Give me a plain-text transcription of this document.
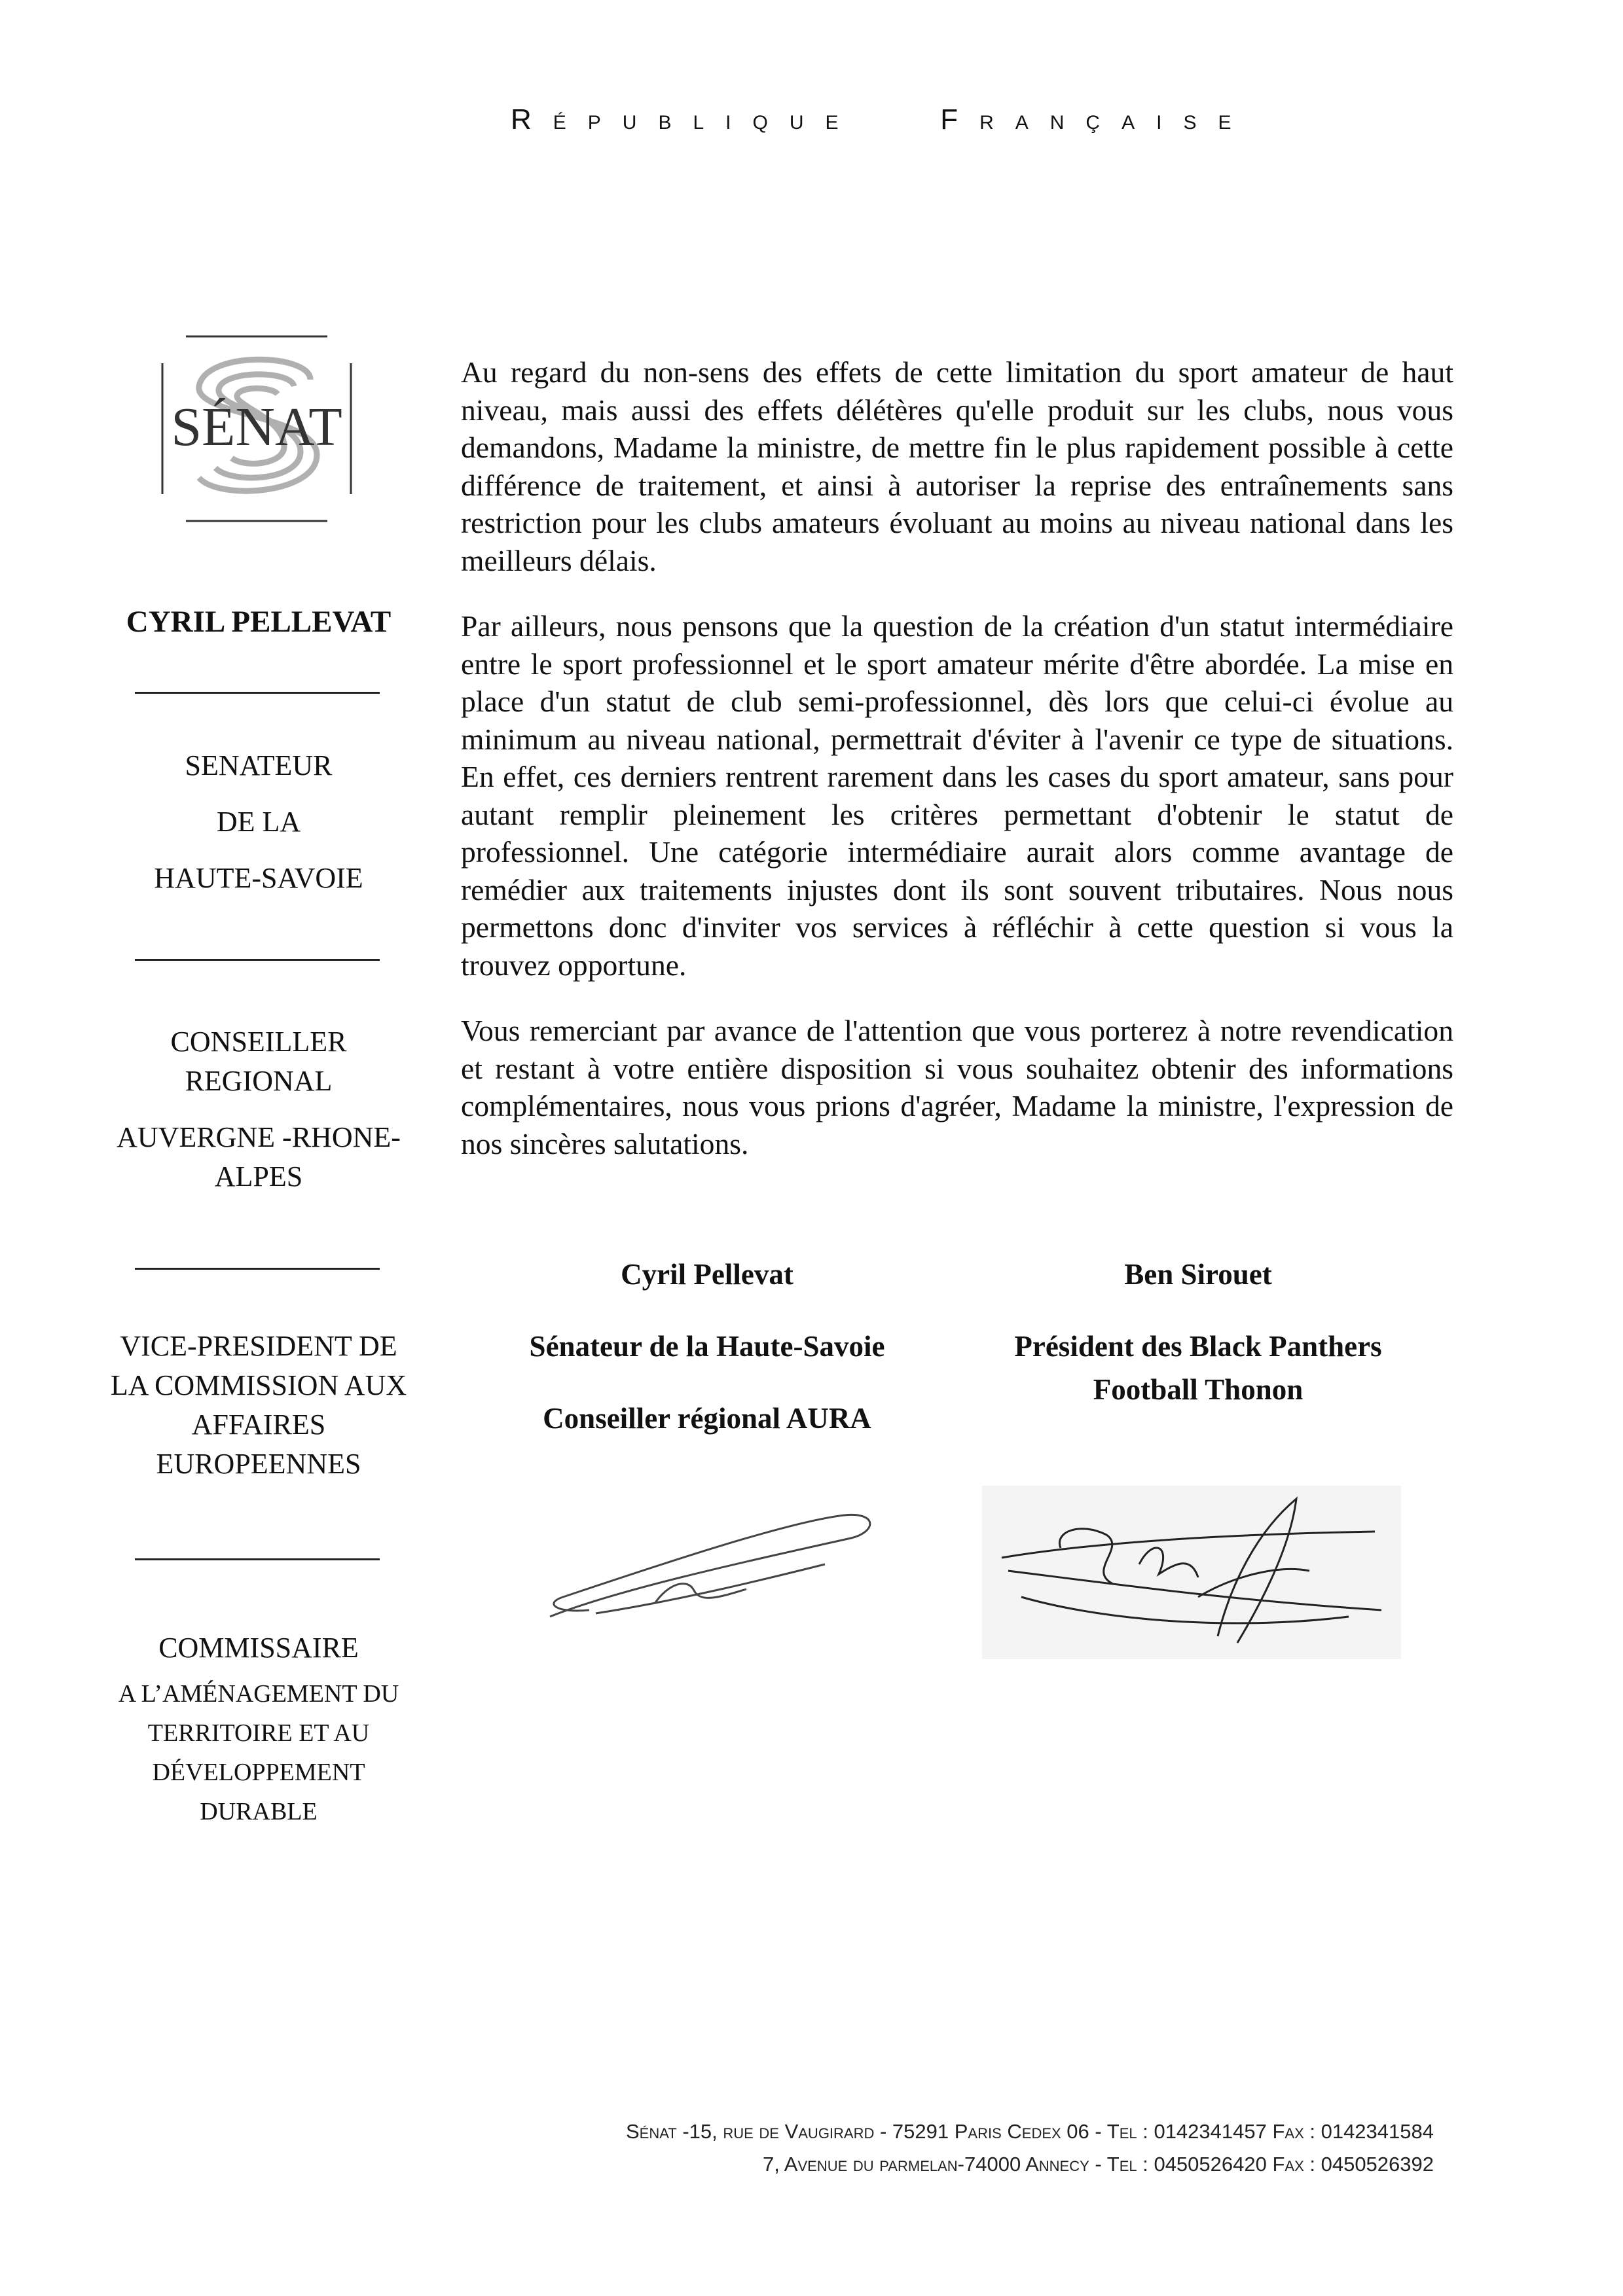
RÉPUBLIQUE	FRANÇAISE
SÉNAT
CYRIL PELLEVAT
SENATEUR
DE LA
HAUTE-SAVOIE
CONSEILLER
REGIONAL
AUVERGNE -RHONE-
ALPES
VICE-PRESIDENT DE
LA COMMISSION AUX
AFFAIRES
EUROPEENNES
COMMISSAIRE
A L’AMÉNAGEMENT DU
TERRITOIRE ET AU
DÉVELOPPEMENT DURABLE
Au regard du non-sens des effets de cette limitation du sport amateur de haut niveau, mais aussi des effets délétères qu'elle produit sur les clubs, nous vous demandons, Madame la ministre, de mettre fin le plus rapidement possible à cette différence de traitement, et ainsi à autoriser la reprise des entraînements sans restriction pour les clubs amateurs évoluant au moins au niveau national dans les meilleurs délais.
Par ailleurs, nous pensons que la question de la création d'un statut intermédiaire entre le sport professionnel et le sport amateur mérite d'être abordée. La mise en place d'un statut de club semi-professionnel, dès lors que celui-ci évolue au minimum au niveau national, permettrait d'éviter à l'avenir ce type de situations. En effet, ces derniers rentrent rarement dans les cases du sport amateur, sans pour autant remplir pleinement les critères permettant d'obtenir le statut de professionnel. Une catégorie intermédiaire aurait alors comme avantage de remédier aux traitements injustes dont ils sont souvent tributaires. Nous nous permettons donc d'inviter vos services à réfléchir à cette question si vous la trouvez opportune.
Vous remerciant par avance de l'attention que vous porterez à notre revendication et restant à votre entière disposition si vous souhaitez obtenir des informations complémentaires, nous vous prions d'agréer, Madame la ministre, l'expression de nos sincères salutations.
Cyril Pellevat
Sénateur de la Haute-Savoie
Conseiller régional AURA
Ben Sirouet
Président des Black Panthers
Football Thonon
Sénat -15, rue de Vaugirard - 75291 Paris Cedex 06 - Tel : 0142341457 Fax : 0142341584
7, Avenue du parmelan-74000 Annecy - Tel : 0450526420 Fax : 0450526392
